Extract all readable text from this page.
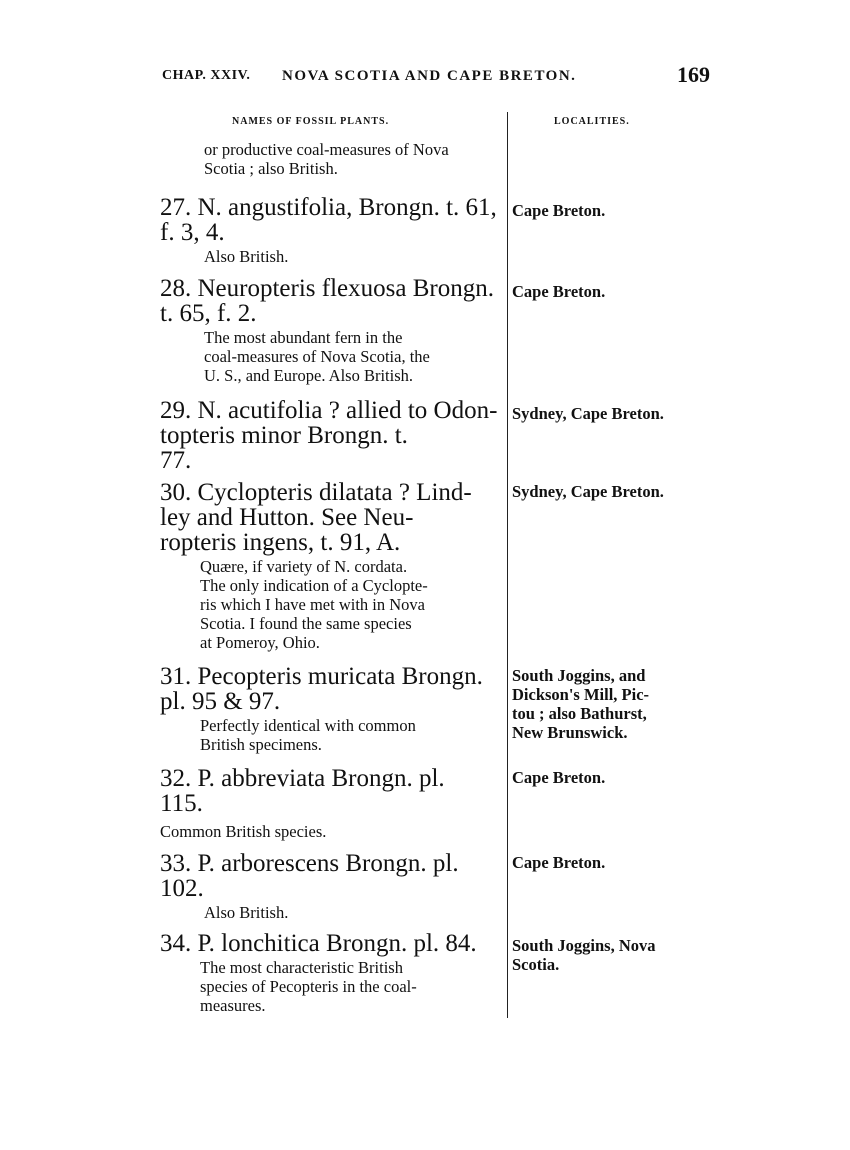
CHAP. XXIV. NOVA SCOTIA AND CAPE BRETON.	169
NAMES OF FOSSIL PLANTS.	LOCALITIES.
or productive coal-measures of Nova
Scotia ; also British.
27. N. angustifolia, Brongn. t. 61,
f. 3, 4.
Also British.
Cape Breton.
28. Neuropteris flexuosa Brongn.
t. 65, f. 2.
The most abundant fern in the
coal-measures of Nova Scotia, the
U. S., and Europe. Also British.
Cape Breton.
29. N. acutifolia ? allied to Odon-
topteris minor Brongn. t.
77.
Sydney, Cape Breton.
30. Cyclopteris dilatata ? Lind-
ley and Hutton. See Neu-
ropteris ingens, t. 91, A.
Quære, if variety of N. cordata.
The only indication of a Cyclopte-
ris which I have met with in Nova
Scotia. I found the same species
at Pomeroy, Ohio.
Sydney, Cape Breton.
31. Pecopteris muricata Brongn.
pl. 95 & 97.
Perfectly identical with common
British specimens.
South Joggins, and
Dickson's Mill, Pic-
tou ; also Bathurst,
New Brunswick.
32. P. abbreviata Brongn. pl.
115.
Common British species.
Cape Breton.
33. P. arborescens Brongn. pl.
102.
Also British.
Cape Breton.
34. P. lonchitica Brongn. pl. 84.
The most characteristic British
species of Pecopteris in the coal-
measures.
South Joggins, Nova
Scotia.
